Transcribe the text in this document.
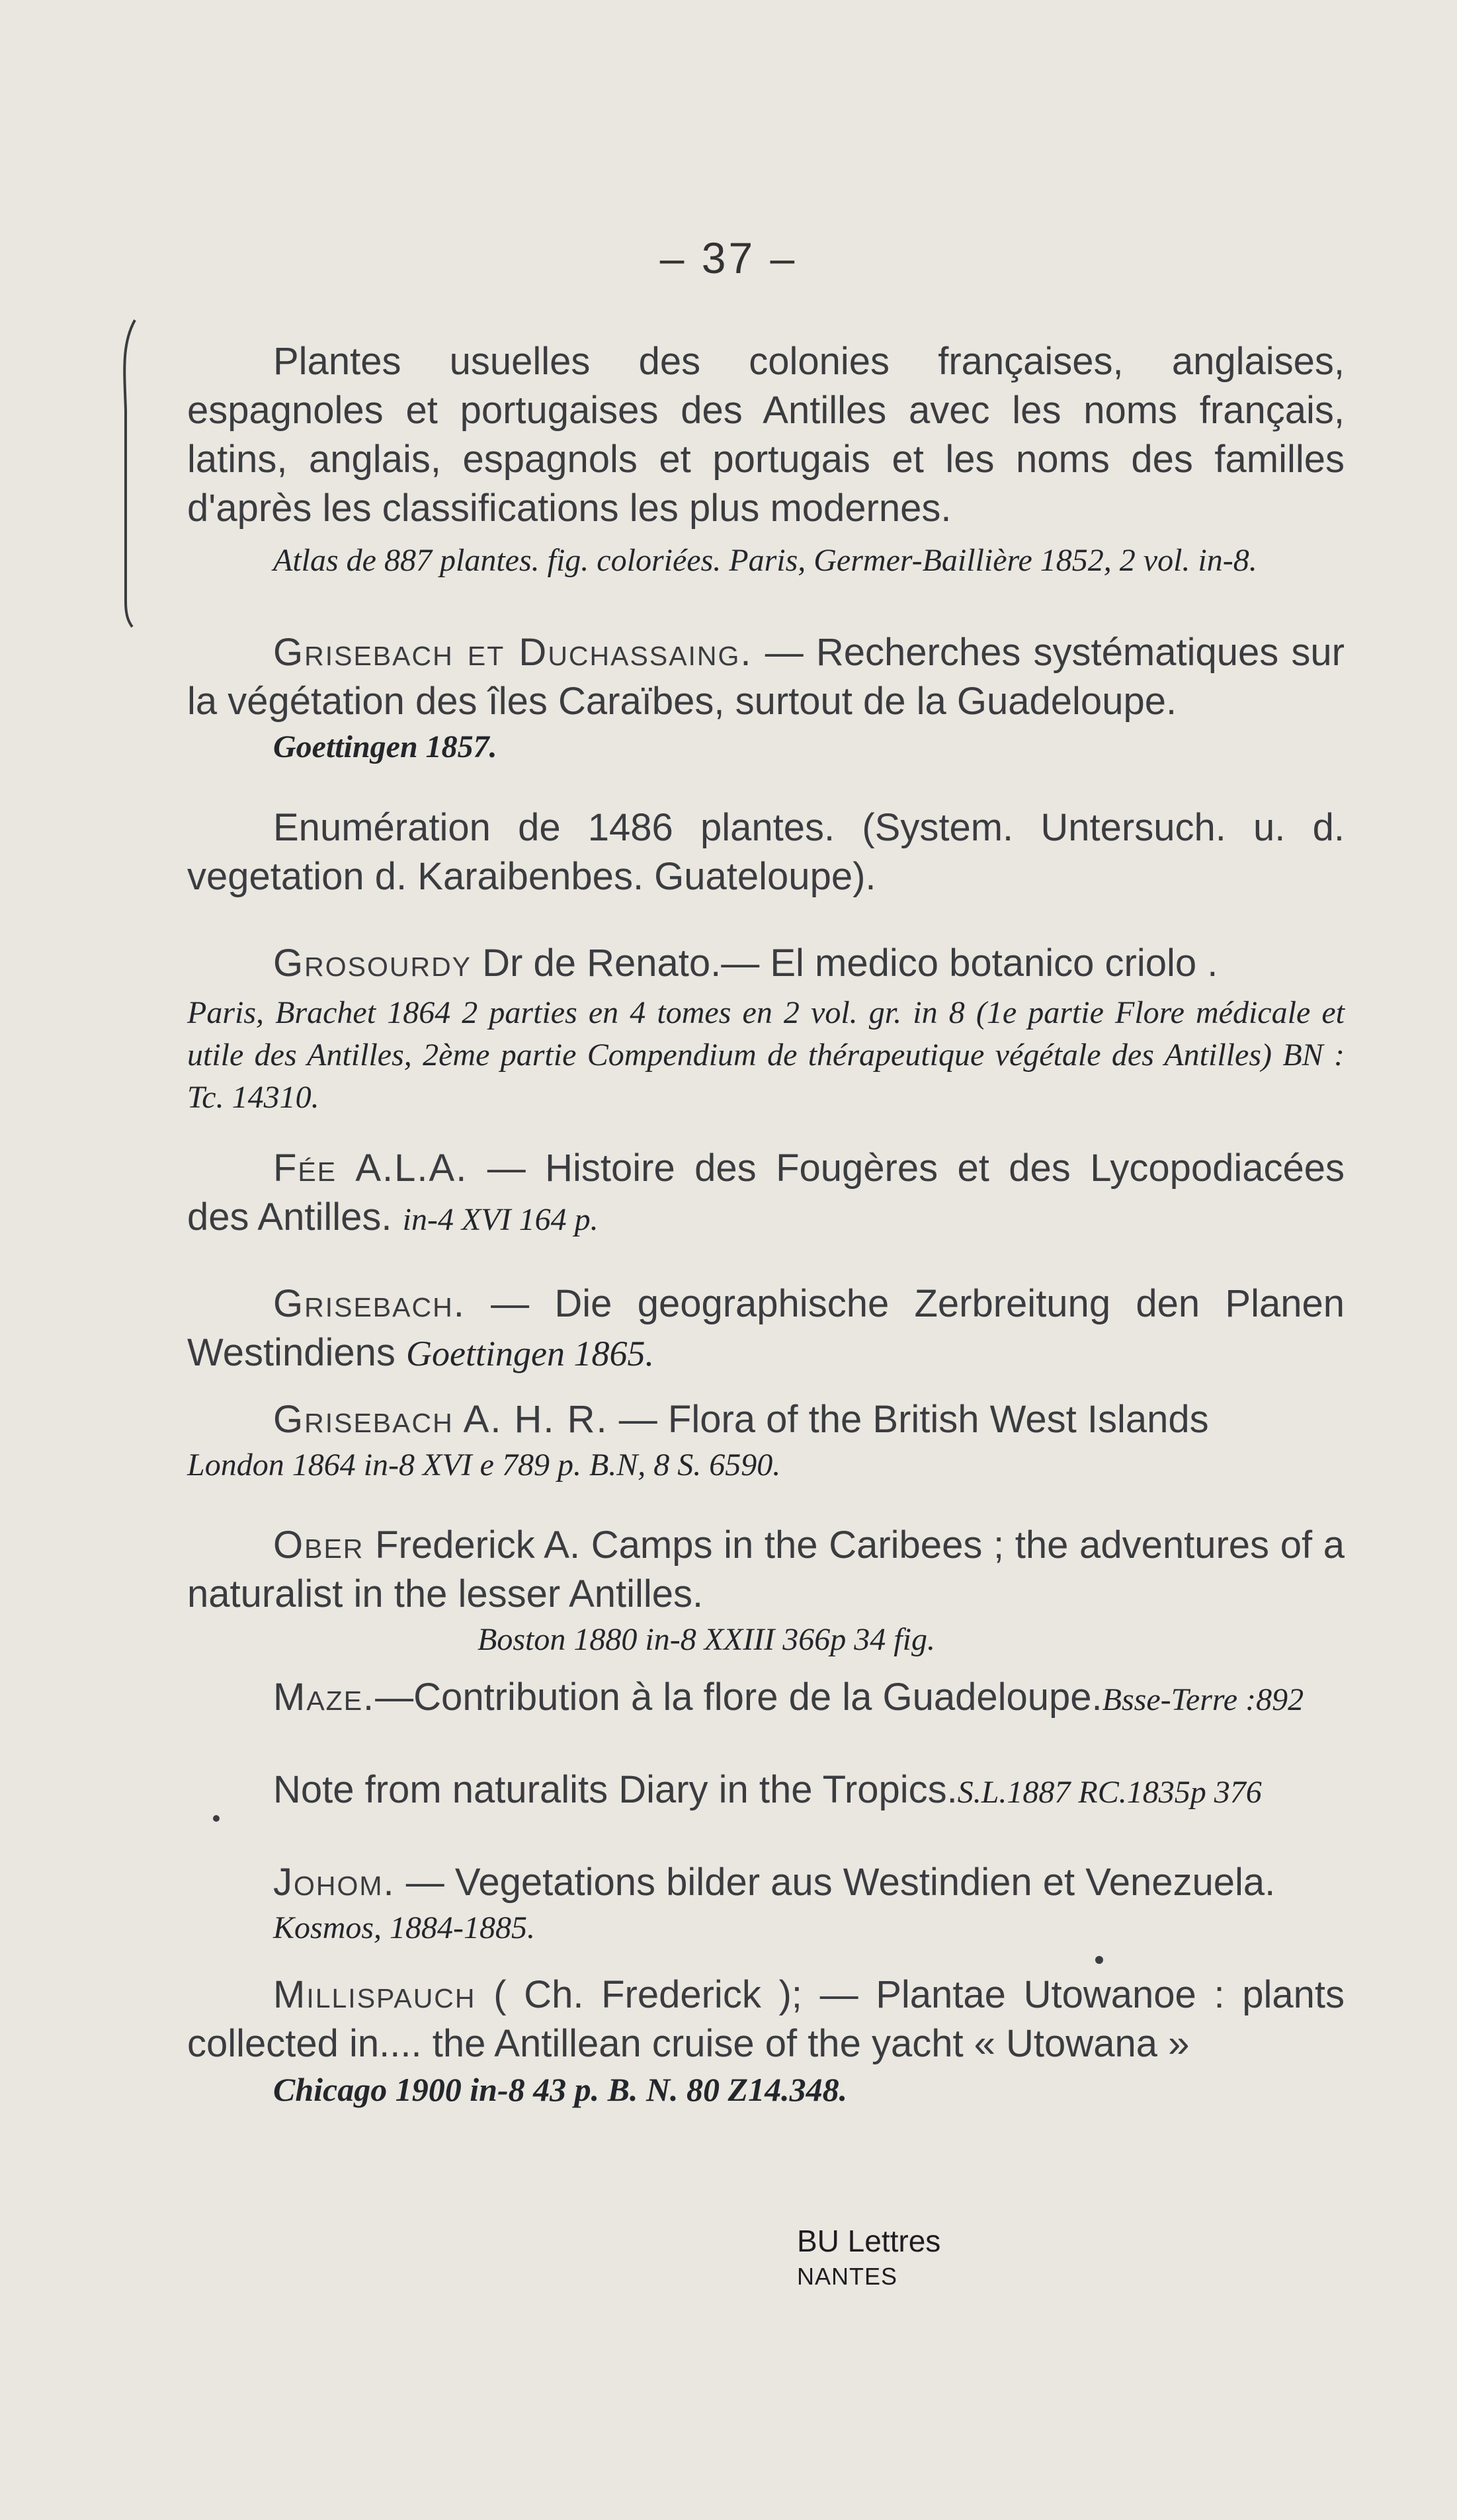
– 37 –

Plantes usuelles des colonies françaises, anglaises, espagnoles et portugaises des Antilles avec les noms français, latins, anglais, espagnols et portugais et les noms des familles d'après les classifications les plus modernes.

Atlas de 887 plantes. fig. coloriées. Paris, Germer-Baillière 1852, 2 vol. in-8.

Grisebach et Duchassaing. — Recherches systématiques sur la végétation des îles Caraïbes, surtout de la Guadeloupe.

Goettingen 1857.

Enumération de 1486 plantes. (System. Untersuch. u. d. vegetation d. Karaibenbes. Guateloupe).

Grosourdy Dr de Renato.— El medico botanico criolo .

Paris, Brachet 1864 2 parties en 4 tomes en 2 vol. gr. in 8 (1e partie Flore médicale et utile des Antilles, 2ème partie Compendium de thérapeutique végétale des Antilles) BN : Tc. 14310.

Fée A.L.A. — Histoire des Fougères et des Lycopodiacées des Antilles. in-4 XVI 164 p.

Grisebach. — Die geographische Zerbreitung den Planen Westindiens Goettingen 1865.

Grisebach A. H. R. — Flora of the British West Islands

London 1864 in-8 XVI e 789 p. B.N, 8 S. 6590.

Ober Frederick A. Camps in the Caribees ; the adventures of a naturalist in the lesser Antilles.

Boston 1880 in-8 XXIII 366p 34 fig.

Maze.—Contribution à la flore de la Guadeloupe.Bsse-Terre :892

Note from naturalits Diary in the Tropics.S.L.1887 RC.1835p 376

Johom. — Vegetations bilder aus Westindien et Venezuela.

Kosmos, 1884-1885.

Millispauch ( Ch. Frederick ); — Plantae Utowanoe : plants collected in.... the Antillean cruise of the yacht « Utowana »

Chicago 1900 in-8 43 p. B. N. 80 Z14.348.

BU Lettres
NANTES
